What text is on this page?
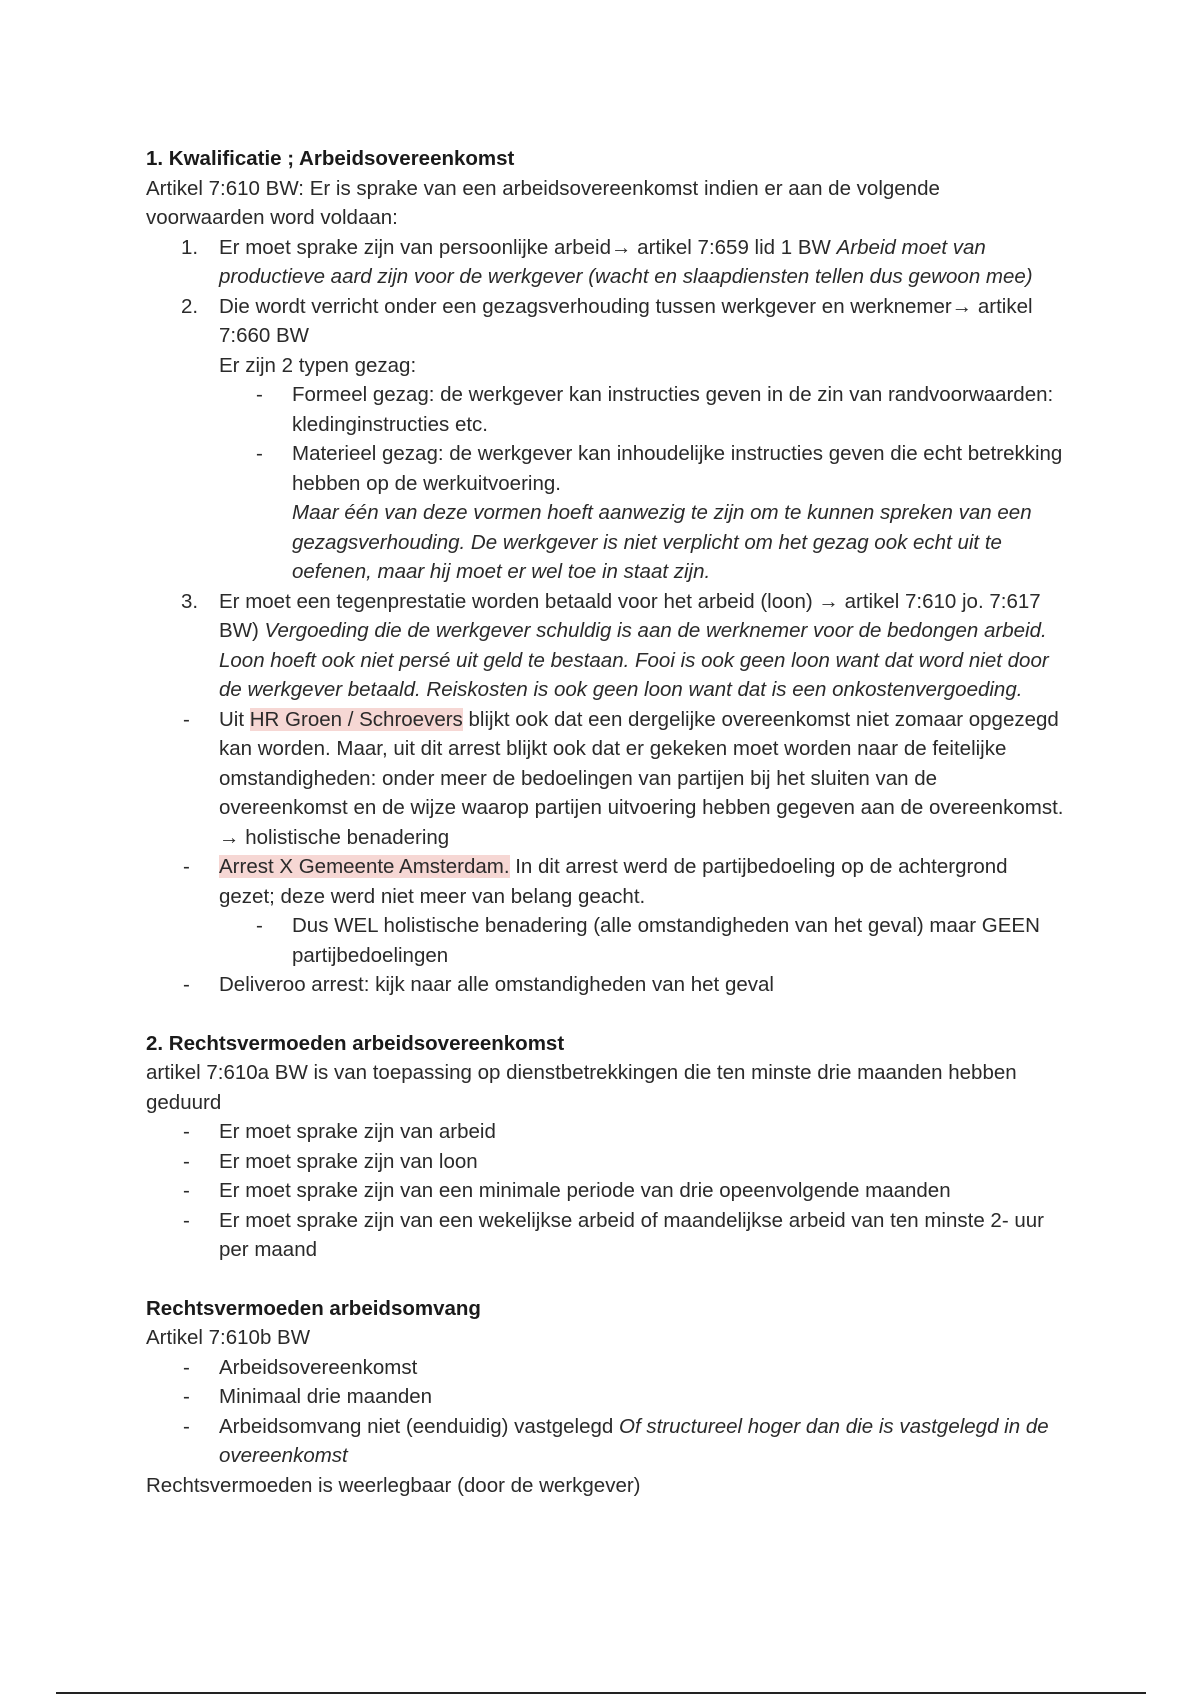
1. Kwalificatie ; Arbeidsovereenkomst

Artikel 7:610 BW: Er is sprake van een arbeidsovereenkomst indien er aan de volgende

voorwaarden word voldaan:

1. Er moet sprake zijn van persoonlijke arbeid→ artikel 7:659 lid 1 BW Arbeid moet van productieve aard zijn voor de werkgever (wacht en slaapdiensten tellen dus gewoon mee)
2. Die wordt verricht onder een gezagsverhouding tussen werkgever en werknemer→ artikel 7:660 BW

Er zijn 2 typen gezag:

- Formeel gezag: de werkgever kan instructies geven in de zin van randvoorwaarden: kledinginstructies etc.
- Materieel gezag: de werkgever kan inhoudelijke instructies geven die echt betrekking hebben op de werkuitvoering.

Maar één van deze vormen hoeft aanwezig te zijn om te kunnen spreken van een gezagsverhouding. De werkgever is niet verplicht om het gezag ook echt uit te oefenen, maar hij moet er wel toe in staat zijn.

3. Er moet een tegenprestatie worden betaald voor het arbeid (loon) → artikel 7:610 jo. 7:617 BW) Vergoeding die de werkgever schuldig is aan de werknemer voor de bedongen arbeid. Loon hoeft ook niet persé uit geld te bestaan. Fooi is ook geen loon want dat word niet door de werkgever betaald. Reiskosten is ook geen loon want dat is een onkostenvergoeding.
- Uit HR Groen / Schroevers blijkt ook dat een dergelijke overeenkomst niet zomaar opgezegd kan worden. Maar, uit dit arrest blijkt ook dat er gekeken moet worden naar de feitelijke omstandigheden: onder meer de bedoelingen van partijen bij het sluiten van de overeenkomst en de wijze waarop partijen uitvoering hebben gegeven aan de overeenkomst. → holistische benadering
- Arrest X Gemeente Amsterdam. In dit arrest werd de partijbedoeling op de achtergrond gezet; deze werd niet meer van belang geacht.
- Dus WEL holistische benadering (alle omstandigheden van het geval) maar GEEN partijbedoelingen
- Deliveroo arrest: kijk naar alle omstandigheden van het geval
2. Rechtsvermoeden arbeidsovereenkomst

artikel 7:610a BW is van toepassing op dienstbetrekkingen die ten minste drie maanden hebben geduurd

- Er moet sprake zijn van arbeid
- Er moet sprake zijn van loon
- Er moet sprake zijn van een minimale periode van drie opeenvolgende maanden
- Er moet sprake zijn van een wekelijkse arbeid of maandelijkse arbeid van ten minste 2- uur per maand
Rechtsvermoeden arbeidsomvang

Artikel 7:610b BW

- Arbeidsovereenkomst
- Minimaal drie maanden
- Arbeidsomvang niet (eenduidig) vastgelegd Of structureel hoger dan die is vastgelegd in de overeenkomst

Rechtsvermoeden is weerlegbaar (door de werkgever)
